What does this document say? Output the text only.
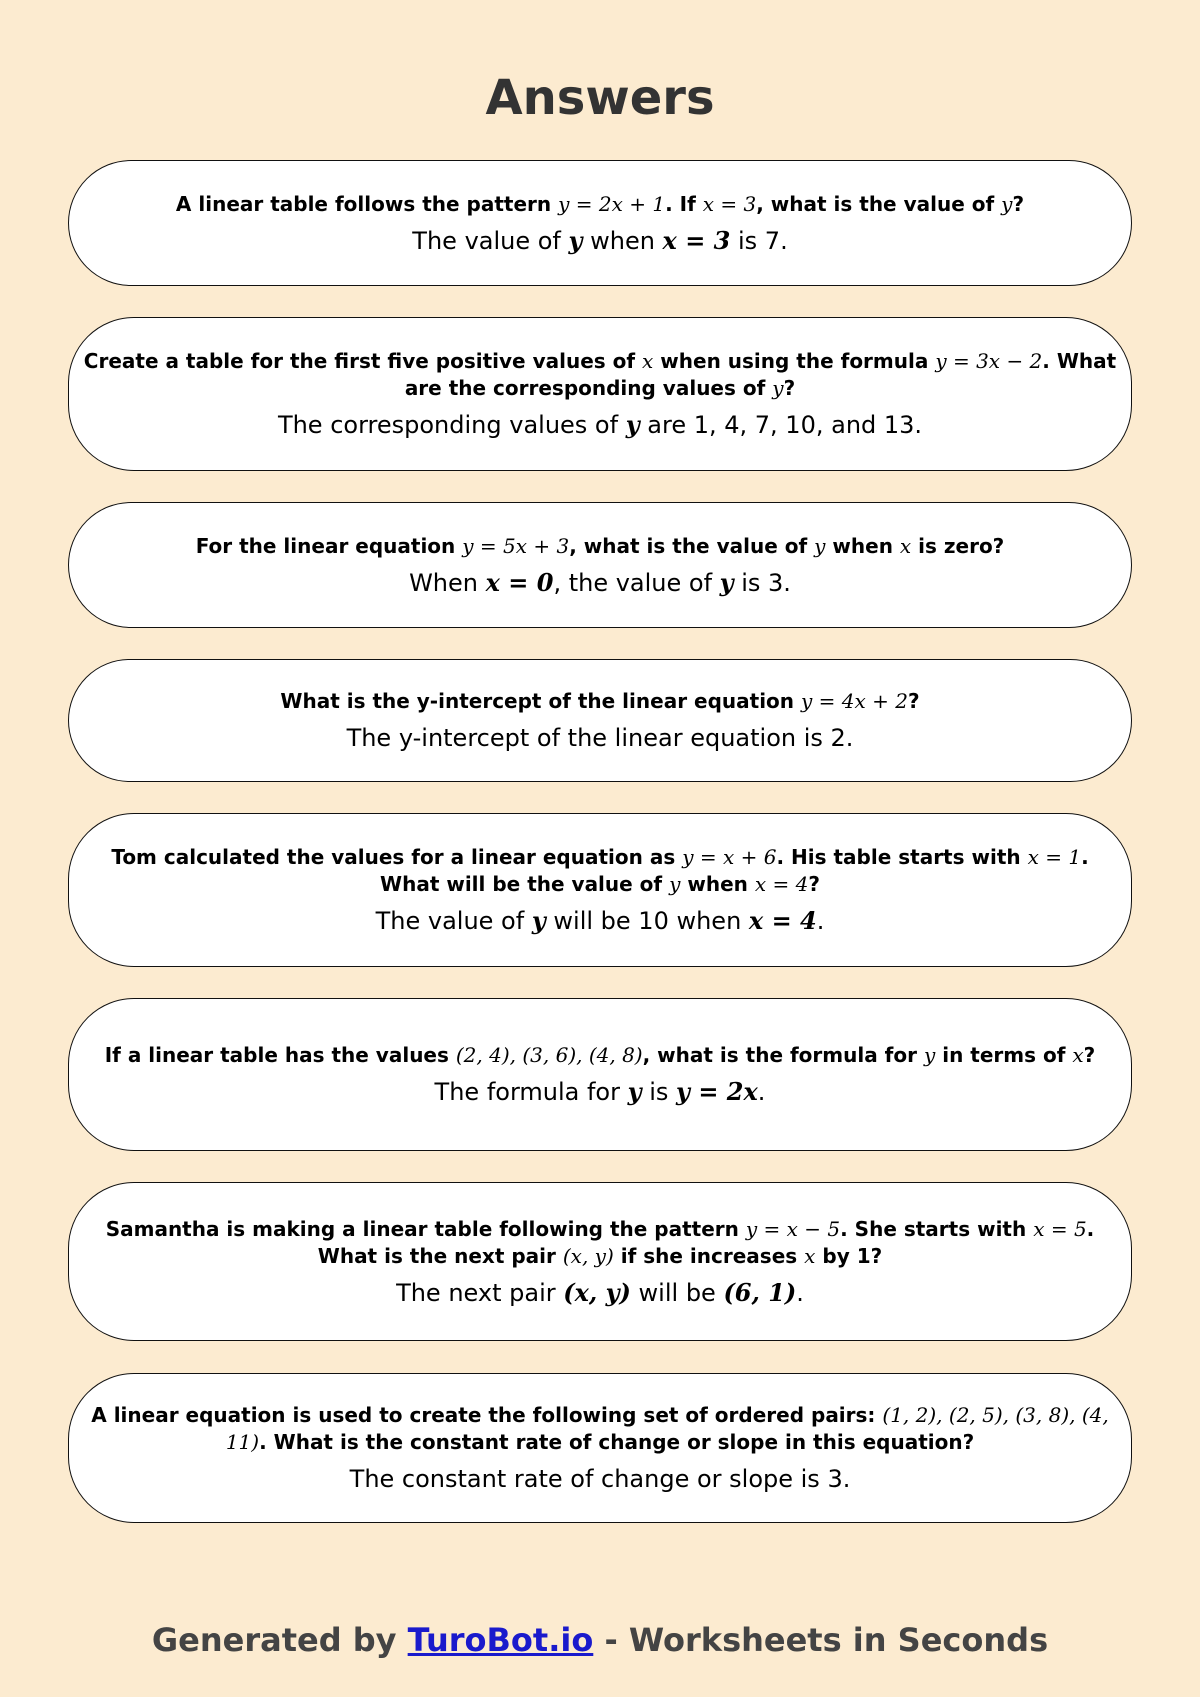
Answers

A linear table follows the pattern y = 2x + 1. If x = 3, what is the value of y?

The value of y when x = 3 is 7.

Create a table for the first five positive values of x when using the formula y = 3x − 2. What are the corresponding values of y?

The corresponding values of y are 1, 4, 7, 10, and 13.

For the linear equation y = 5x + 3, what is the value of y when x is zero?

When x = 0, the value of y is 3.

What is the y-intercept of the linear equation y = 4x + 2?

The y-intercept of the linear equation is 2.

Tom calculated the values for a linear equation as y = x + 6. His table starts with x = 1. What will be the value of y when x = 4?

The value of y will be 10 when x = 4.

If a linear table has the values (2, 4), (3, 6), (4, 8), what is the formula for y in terms of x?

The formula for y is y = 2x.

Samantha is making a linear table following the pattern y = x − 5. She starts with x = 5. What is the next pair (x, y) if she increases x by 1?

The next pair (x, y) will be (6, 1).

A linear equation is used to create the following set of ordered pairs: (1, 2), (2, 5), (3, 8), (4, 11). What is the constant rate of change or slope in this equation?

The constant rate of change or slope is 3.

Generated by TuroBot.io - Worksheets in Seconds
